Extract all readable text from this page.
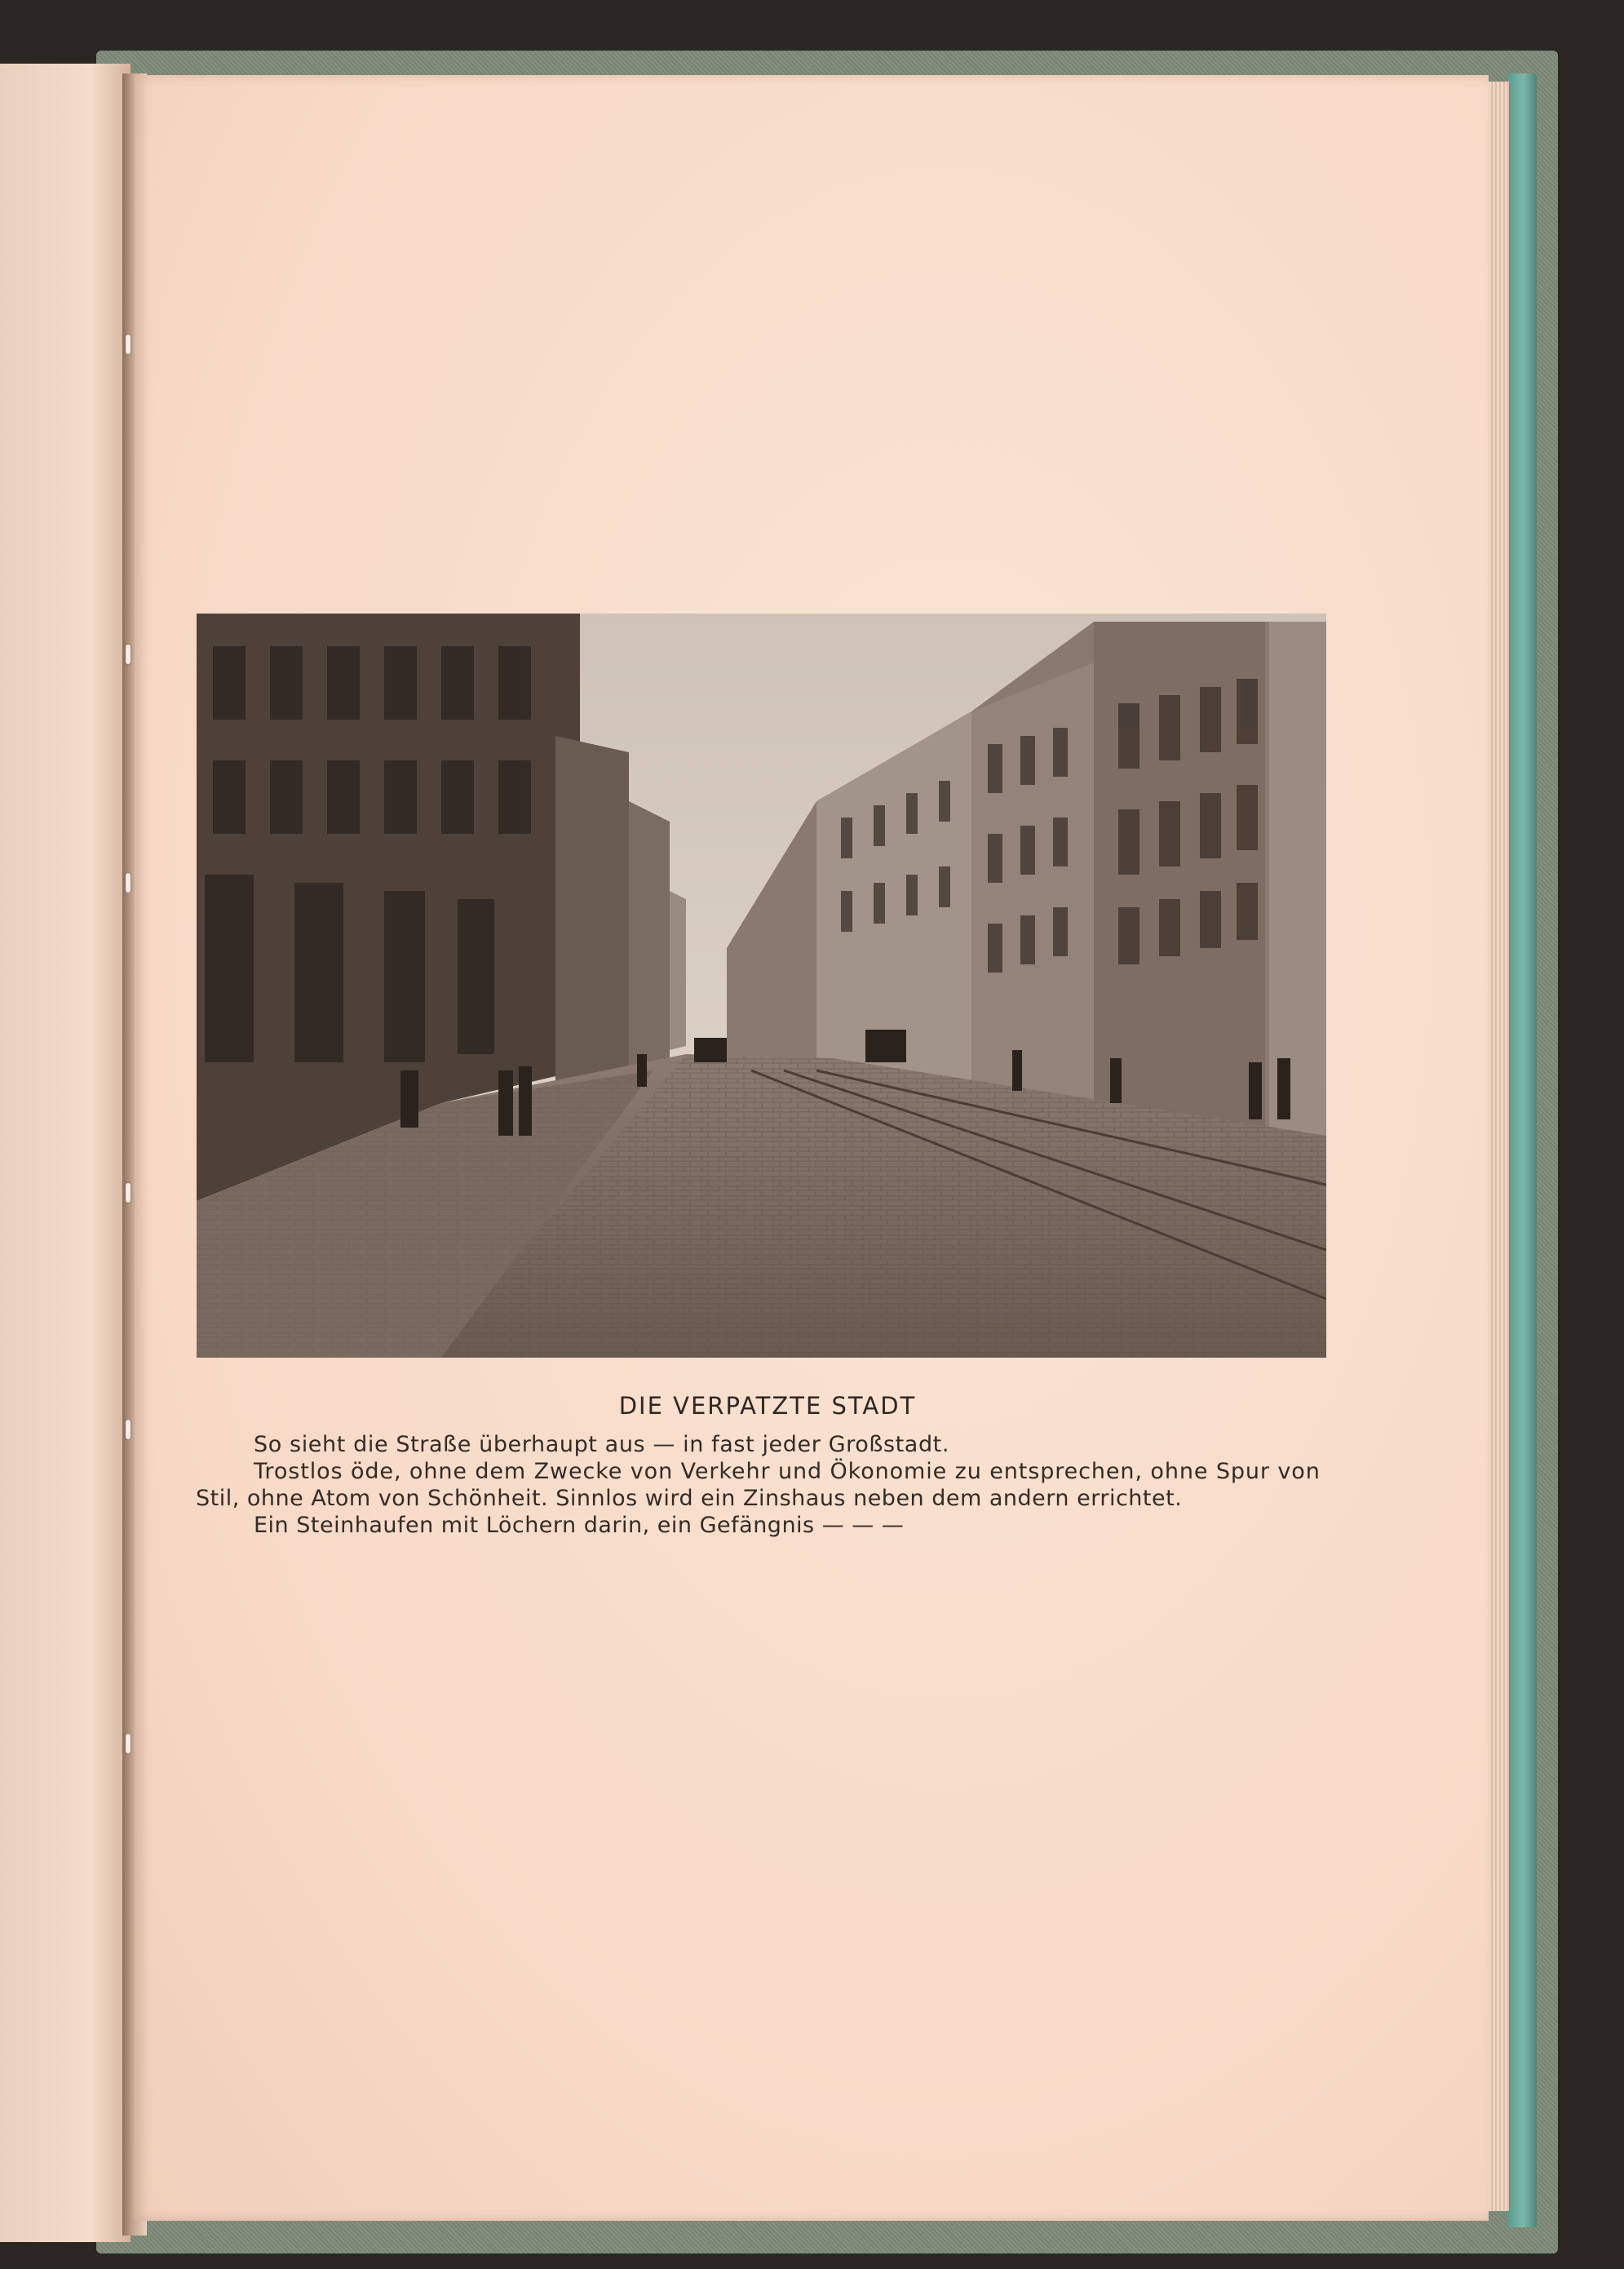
DIE VERPATZTE STADT
So sieht die Straße überhaupt aus — in fast jeder Großstadt.
Trostlos öde, ohne dem Zwecke von Verkehr und Ökonomie zu entsprechen, ohne Spur von
Stil, ohne Atom von Schönheit. Sinnlos wird ein Zinshaus neben dem andern errichtet.
Ein Steinhaufen mit Löchern darin, ein Gefängnis — — —
